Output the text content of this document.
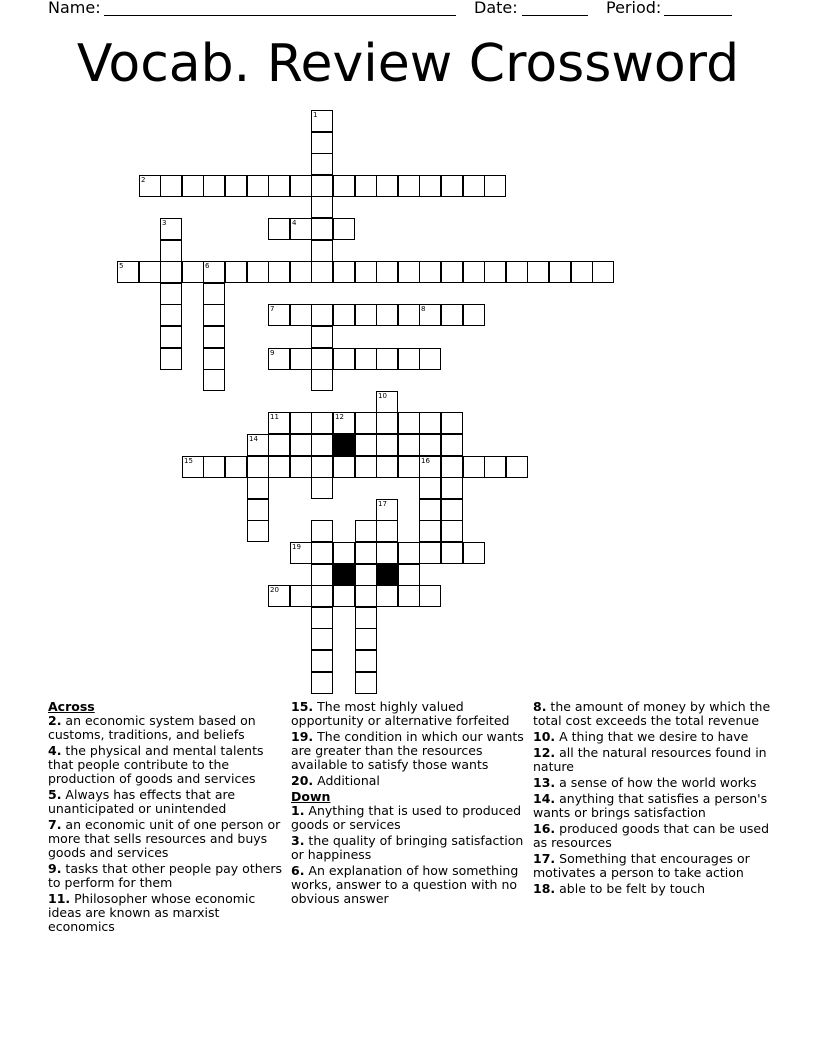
Name:	Date:	Period:
Vocab. Review Crossword
1
2
3	4
5	6
7	8
9
10
11	12
14
15	16
17
19
20
Across
2. an economic system based on customs, traditions, and beliefs
4. the physical and mental talents that people contribute to the production of goods and services
5. Always has effects that are unanticipated or unintended
7. an economic unit of one person or more that sells resources and buys goods and services
9. tasks that other people pay others to perform for them
11. Philosopher whose economic ideas are known as marxist economics
15. The most highly valued opportunity or alternative forfeited
19. The condition in which our wants are greater than the resources available to satisfy those wants
20. Additional
Down
1. Anything that is used to produced goods or services
3. the quality of bringing satisfaction or happiness
6. An explanation of how something works, answer to a question with no obvious answer
8. the amount of money by which the total cost exceeds the total revenue
10. A thing that we desire to have
12. all the natural resources found in nature
13. a sense of how the world works
14. anything that satisfies a person's wants or brings satisfaction
16. produced goods that can be used as resources
17. Something that encourages or motivates a person to take action
18. able to be felt by touch
